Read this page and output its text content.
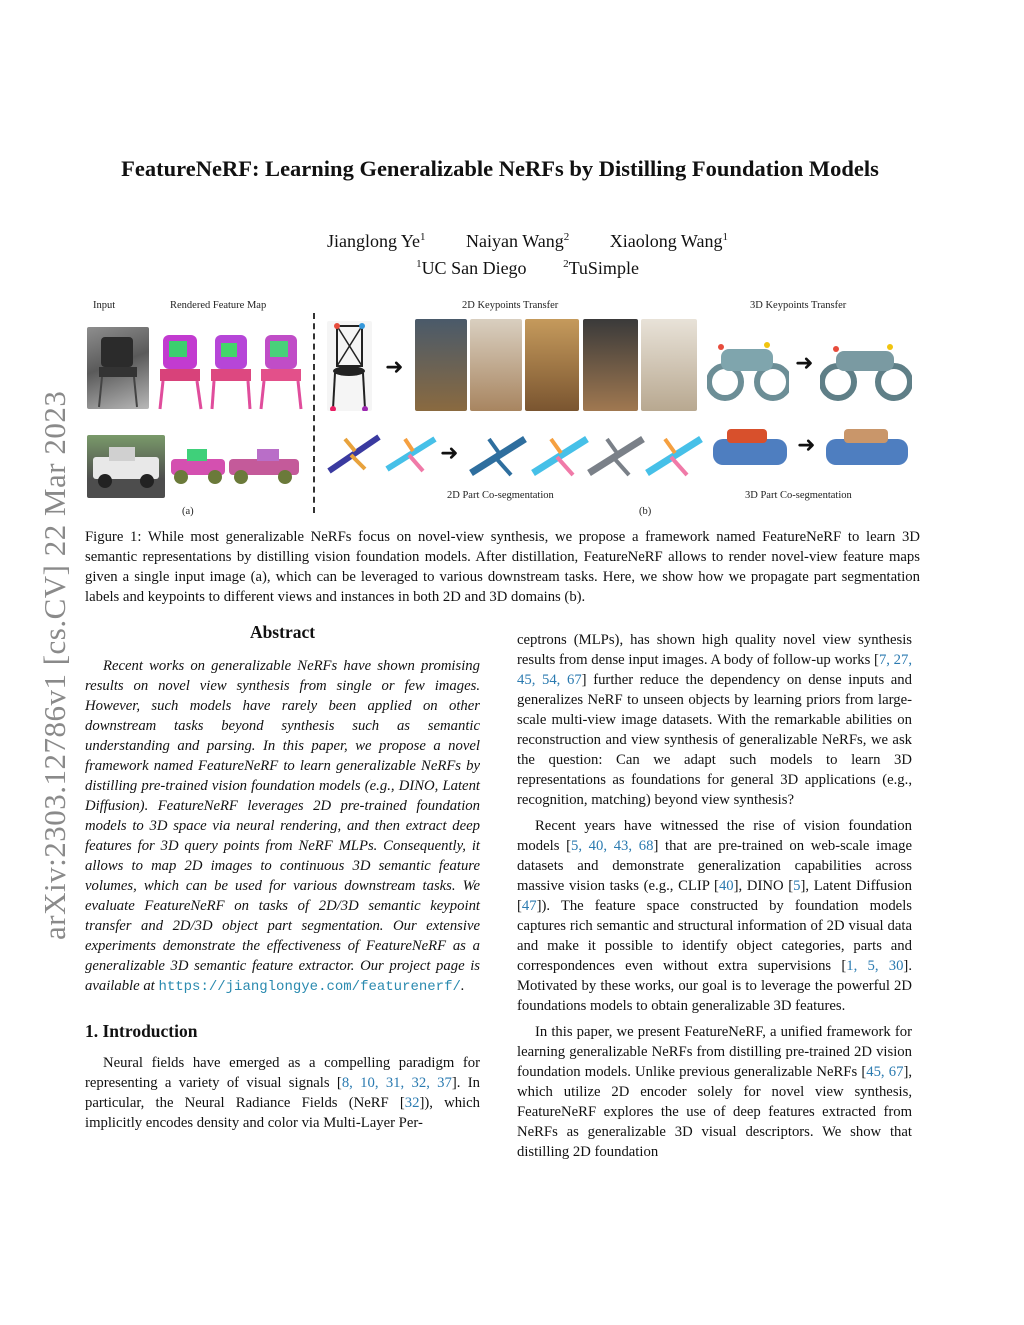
arXiv:2303.12786v1 [cs.CV] 22 Mar 2023
FeatureNeRF: Learning Generalizable NeRFs by Distilling Foundation Models
Jianglong Ye$^1$ Naiyan Wang$^2$ Xiaolong Wang$^1$
$^1$UC San Diego	$^2$TuSimple
Input	Rendered Feature Map	2D Keypoints Transfer	3D Keypoints Transfer
➜	➜
➜	➜
2D Part Co-segmentation	3D Part Co-segmentation
(a)	(b)
Figure 1: While most generalizable NeRFs focus on novel-view synthesis, we propose a framework named FeatureNeRF to learn 3D semantic representations by distilling vision foundation models. After distillation, FeatureNeRF allows to render novel-view feature maps given a single input image (a), which can be leveraged to various downstream tasks. Here, we show how we propagate part segmentation labels and keypoints to different views and instances in both 2D and 3D domains (b).
Abstract
Recent works on generalizable NeRFs have shown promising results on novel view synthesis from single or few images. However, such models have rarely been applied on other downstream tasks beyond synthesis such as semantic understanding and parsing. In this paper, we propose a novel framework named FeatureNeRF to learn generalizable NeRFs by distilling pre-trained vision foundation models (e.g., DINO, Latent Diffusion). FeatureNeRF leverages 2D pre-trained foundation models to 3D space via neural rendering, and then extract deep features for 3D query points from NeRF MLPs. Consequently, it allows to map 2D images to continuous 3D semantic feature volumes, which can be used for various downstream tasks. We evaluate FeatureNeRF on tasks of 2D/3D semantic keypoint transfer and 2D/3D object part segmentation. Our extensive experiments demonstrate the effectiveness of FeatureNeRF as a generalizable 3D semantic feature extractor. Our project page is available at https://jianglongye.com/featurenerf/.
1. Introduction
Neural fields have emerged as a compelling paradigm for representing a variety of visual signals [8, 10, 31, 32, 37]. In particular, the Neural Radiance Fields (NeRF [32]), which implicitly encodes density and color via Multi-Layer Per-
ceptrons (MLPs), has shown high quality novel view synthesis results from dense input images. A body of follow-up works [7, 27, 45, 54, 67] further reduce the dependency on dense inputs and generalizes NeRF to unseen objects by learning priors from large-scale multi-view image datasets. With the remarkable abilities on reconstruction and view synthesis of generalizable NeRFs, we ask the question: Can we adapt such models to learn 3D representations as foundations for general 3D applications (e.g., recognition, matching) beyond view synthesis?
Recent years have witnessed the rise of vision foundation models [5, 40, 43, 68] that are pre-trained on web-scale image datasets and demonstrate generalization capabilities across massive vision tasks (e.g., CLIP [40], DINO [5], Latent Diffusion [47]). The feature space constructed by foundation models captures rich semantic and structural information of 2D visual data and make it possible to identify object categories, parts and correspondences even without extra supervisions [1, 5, 30]. Motivated by these works, our goal is to leverage the powerful 2D foundations models to obtain generalizable 3D features.
In this paper, we present FeatureNeRF, a unified framework for learning generalizable NeRFs from distilling pre-trained 2D vision foundation models. Unlike previous generalizable NeRFs [45, 67], which utilize 2D encoder solely for novel view synthesis, FeatureNeRF explores the use of deep features extracted from NeRFs as generalizable 3D visual descriptors. We show that distilling 2D foundation
